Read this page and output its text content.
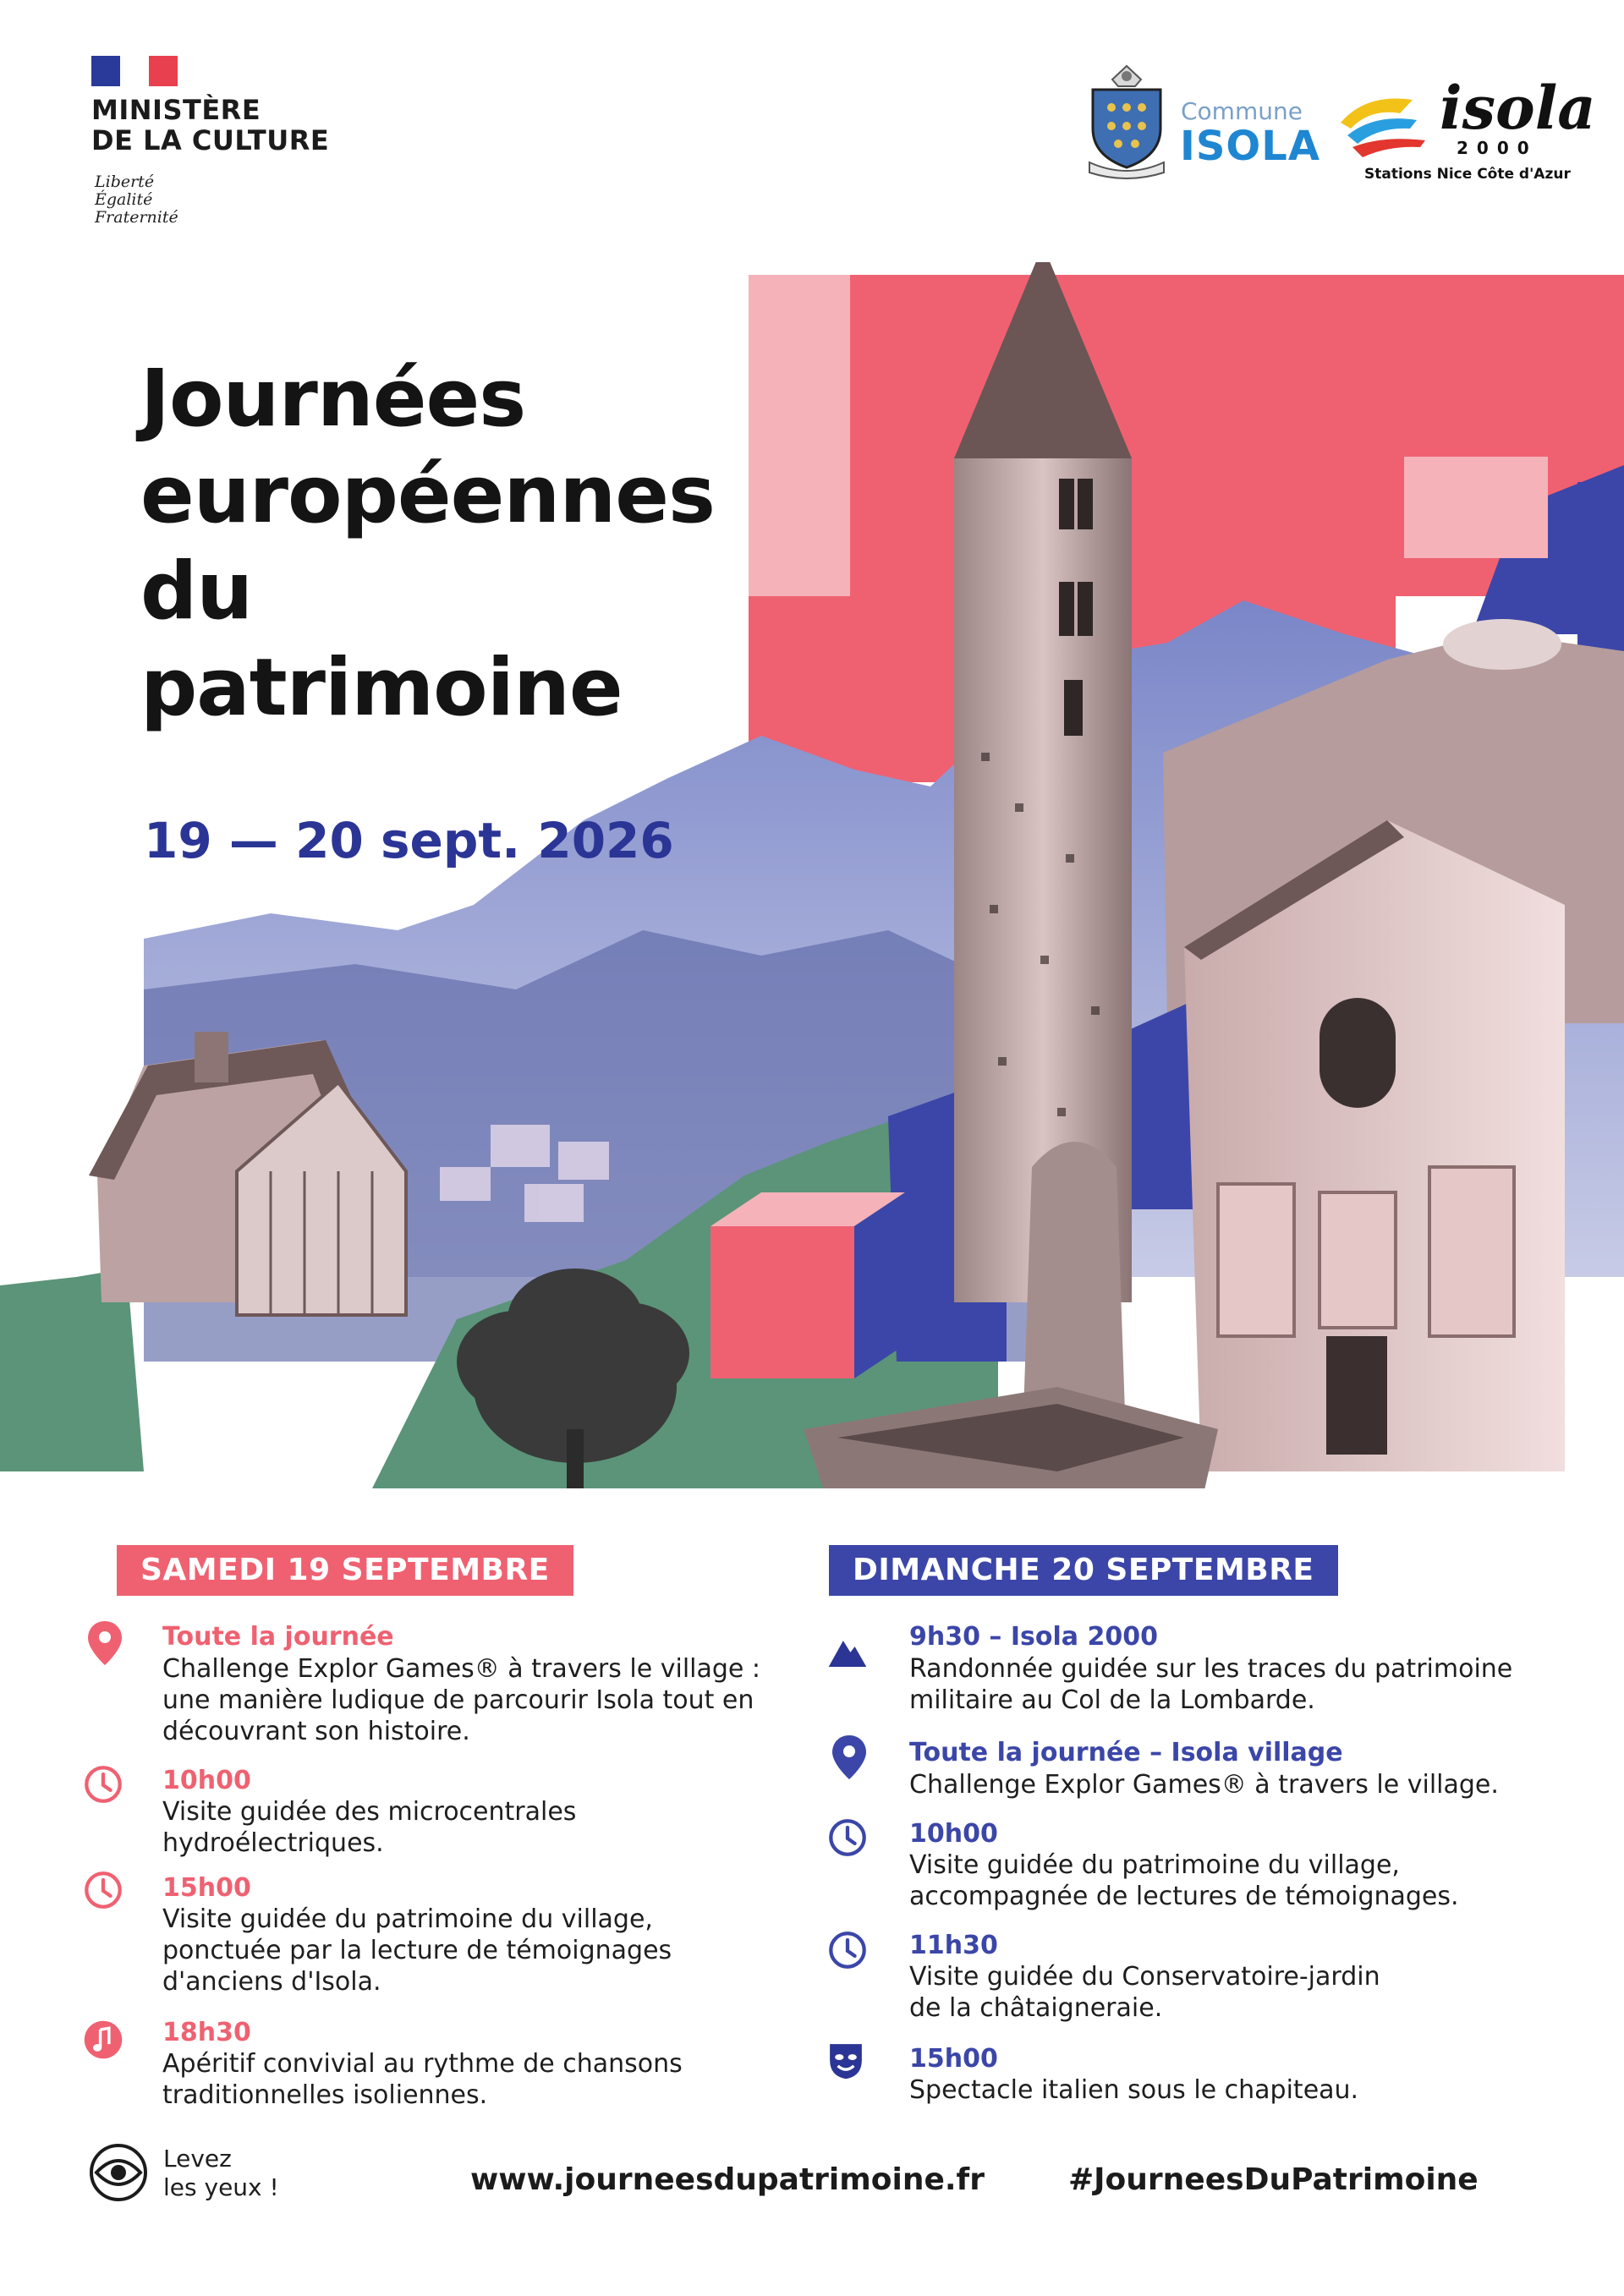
MINISTÈRE
DE LA CULTURE
Liberté
Égalité
Fraternité
Commune
ISOLA
isola
2000
Stations Nice Côte d'Azur
Journées
européennes
du
patrimoine
19 — 20 sept. 2026
SAMEDI 19 SEPTEMBRE
Toute la journée
Challenge Explor Games® à travers le village :
une manière ludique de parcourir Isola tout en
découvrant son histoire.
10h00
Visite guidée des microcentrales
hydroélectriques.
15h00
Visite guidée du patrimoine du village,
ponctuée par la lecture de témoignages
d'anciens d'Isola.
18h30
Apéritif convivial au rythme de chansons
traditionnelles isoliennes.
DIMANCHE 20 SEPTEMBRE
9h30 – Isola 2000
Randonnée guidée sur les traces du patrimoine
militaire au Col de la Lombarde.
Toute la journée – Isola village
Challenge Explor Games® à travers le village.
10h00
Visite guidée du patrimoine du village,
accompagnée de lectures de témoignages.
11h30
Visite guidée du Conservatoire-jardin
de la châtaigneraie.
15h00
Spectacle italien sous le chapiteau.
Levez
les yeux !	www.journeesdupatrimoine.fr	#JourneesDuPatrimoine
